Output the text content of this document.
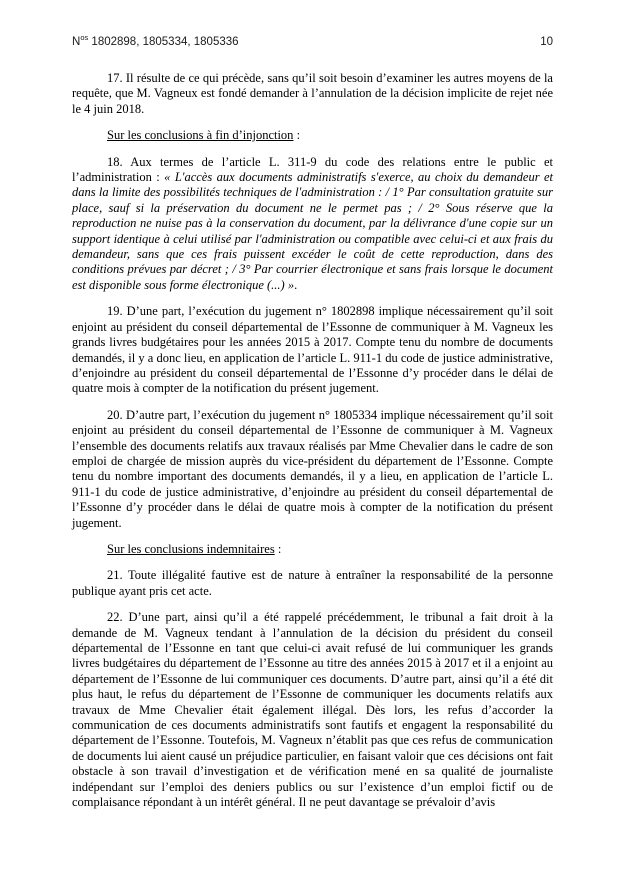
$N^{os}$ 1802898, 1805334, 1805336	10

17. Il résulte de ce qui précède, sans qu’il soit besoin d’examiner les autres moyens de la requête, que M. Vagneux est fondé demander à l’annulation de la décision implicite de rejet née le 4 juin 2018.

Sur les conclusions à fin d’injonction :

18. Aux termes de l’article L. 311-9 du code des relations entre le public et l’administration : « L'accès aux documents administratifs s'exerce, au choix du demandeur et dans la limite des possibilités techniques de l'administration : / 1° Par consultation gratuite sur place, sauf si la préservation du document ne le permet pas ; / 2° Sous réserve que la reproduction ne nuise pas à la conservation du document, par la délivrance d'une copie sur un support identique à celui utilisé par l'administration ou compatible avec celui-ci et aux frais du demandeur, sans que ces frais puissent excéder le coût de cette reproduction, dans des conditions prévues par décret ; / 3° Par courrier électronique et sans frais lorsque le document est disponible sous forme électronique (...) ».

19. D’une part, l’exécution du jugement n° 1802898 implique nécessairement qu’il soit enjoint au président du conseil départemental de l’Essonne de communiquer à M. Vagneux les grands livres budgétaires pour les années 2015 à 2017. Compte tenu du nombre de documents demandés, il y a donc lieu, en application de l’article L. 911-1 du code de justice administrative, d’enjoindre au président du conseil départemental de l’Essonne d’y procéder dans le délai de quatre mois à compter de la notification du présent jugement.

20. D’autre part, l’exécution du jugement n° 1805334 implique nécessairement qu’il soit enjoint au président du conseil départemental de l’Essonne de communiquer à M. Vagneux l’ensemble des documents relatifs aux travaux réalisés par Mme Chevalier dans le cadre de son emploi de chargée de mission auprès du vice-président du département de l’Essonne. Compte tenu du nombre important des documents demandés, il y a lieu, en application de l’article L. 911-1 du code de justice administrative, d’enjoindre au président du conseil départemental de l’Essonne d’y procéder dans le délai de quatre mois à compter de la notification du présent jugement.

Sur les conclusions indemnitaires :

21. Toute illégalité fautive est de nature à entraîner la responsabilité de la personne publique ayant pris cet acte.

22. D’une part, ainsi qu’il a été rappelé précédemment, le tribunal a fait droit à la demande de M. Vagneux tendant à l’annulation de la décision du président du conseil départemental de l’Essonne en tant que celui-ci avait refusé de lui communiquer les grands livres budgétaires du département de l’Essonne au titre des années 2015 à 2017 et il a enjoint au département de l’Essonne de lui communiquer ces documents. D’autre part, ainsi qu’il a été dit plus haut, le refus du département de l’Essonne de communiquer les documents relatifs aux travaux de Mme Chevalier était également illégal. Dès lors, les refus d’accorder la communication de ces documents administratifs sont fautifs et engagent la responsabilité du département de l’Essonne. Toutefois, M. Vagneux n’établit pas que ces refus de communication de documents lui aient causé un préjudice particulier, en faisant valoir que ces décisions ont fait obstacle à son travail d’investigation et de vérification mené en sa qualité de journaliste indépendant sur l’emploi des deniers publics ou sur l’existence d’un emploi fictif ou de complaisance répondant à un intérêt général. Il ne peut davantage se prévaloir d’avis
